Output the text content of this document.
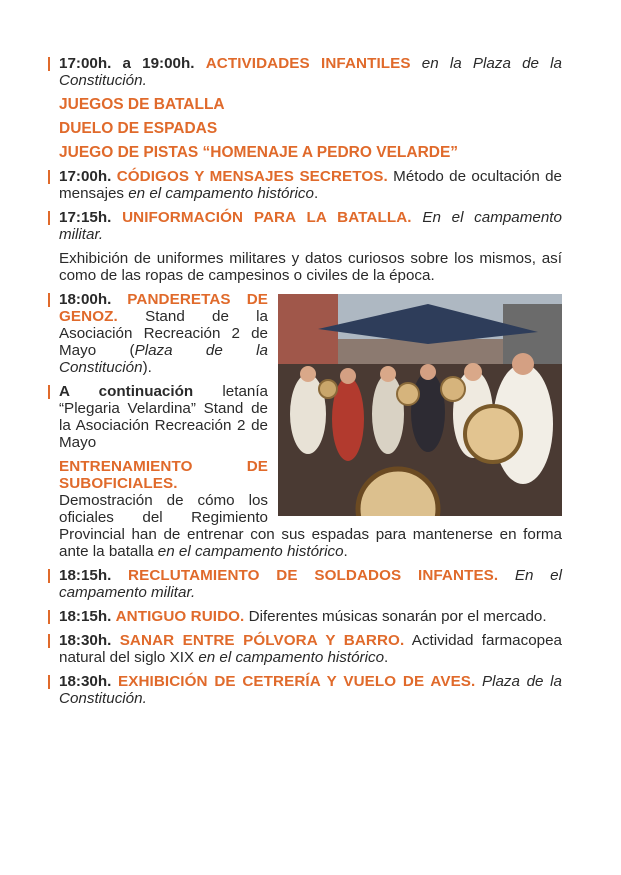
17:00h. a 19:00h. ACTIVIDADES INFANTILES en la Plaza de la Constitución.

JUEGOS DE BATALLA
DUELO DE ESPADAS
JUEGO DE PISTAS “HOMENAJE A PEDRO VELARDE”

17:00h. CÓDIGOS Y MENSAJES SECRETOS. Método de ocultación de mensajes en el campamento histórico.

17:15h. UNIFORMACIÓN PARA LA BATALLA. En el campamento militar.

Exhibición de uniformes militares y datos curiosos sobre los mismos, así como de las ropas de campesinos o civiles de la época.

18:00h. PANDERETAS DE GENOZ. Stand de la Asociación Recreación 2 de Mayo (Plaza de la Constitución).

A continuación letanía “Plegaria Velardina” Stand de la Asociación Recreación 2 de Mayo

ENTRENAMIENTO DE SUBOFICIALES. Demostración de cómo los oficiales del Regimiento Provincial han de entrenar con sus espadas para mantenerse en forma ante la batalla en el campamento histórico.

18:15h. RECLUTAMIENTO DE SOLDADOS INFANTES. En el campamento militar.

18:15h. ANTIGUO RUIDO. Diferentes músicas sonarán por el mercado.

18:30h. SANAR ENTRE PÓLVORA Y BARRO. Actividad farmacopea natural del siglo XIX en el campamento histórico.

18:30h. EXHIBICIÓN DE CETRERÍA Y VUELO DE AVES. Plaza de la Constitución.
